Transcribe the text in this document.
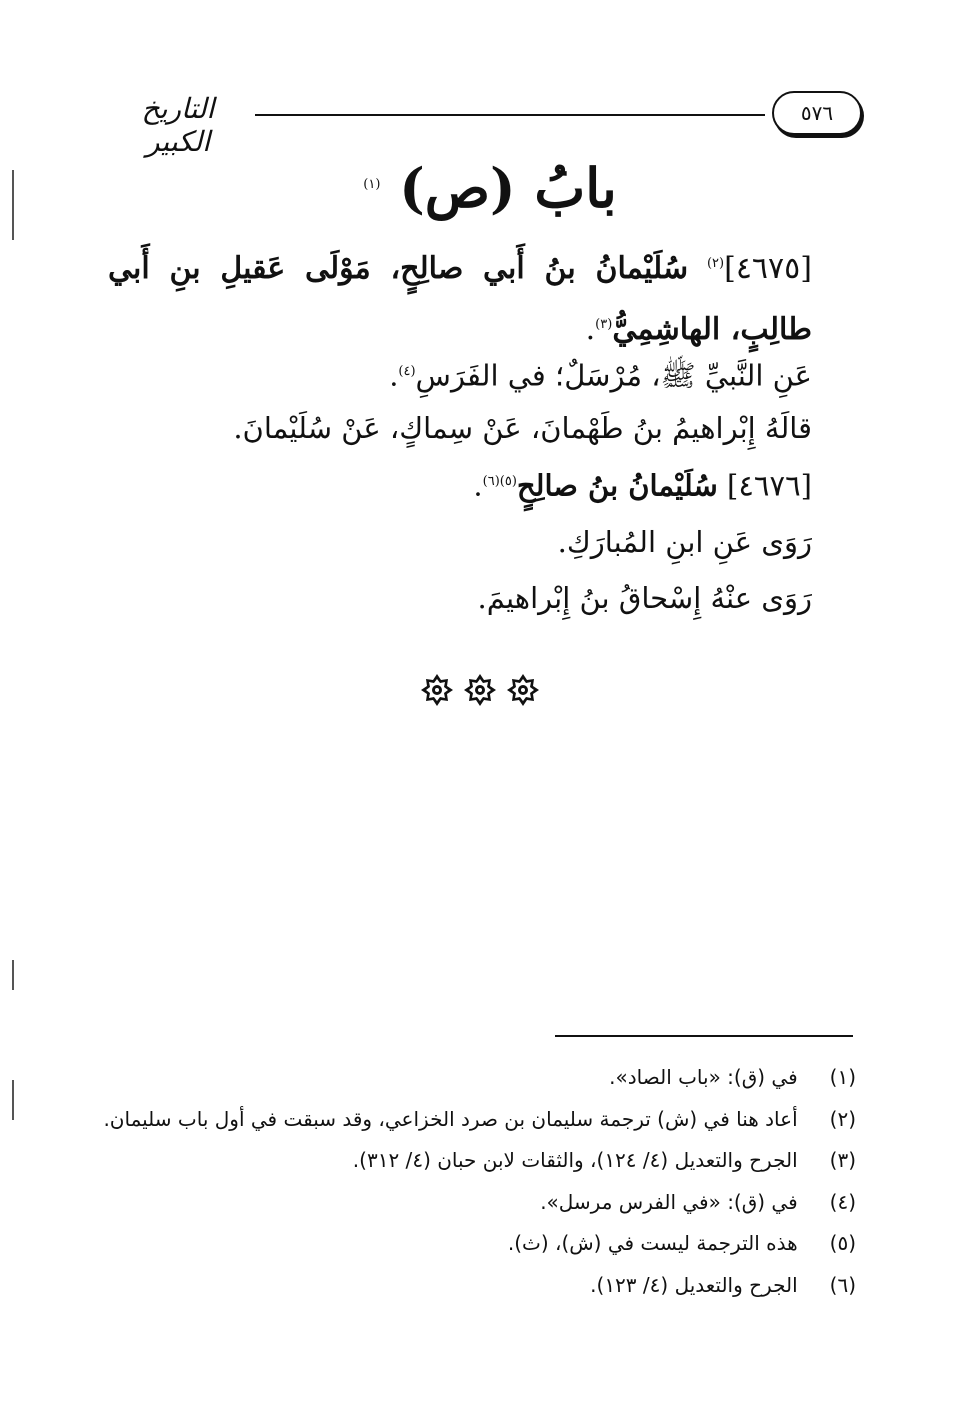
٥٧٦
التاريخ الكبير
بابُ (ص) $^{(١)}$
[٤٦٧٥]$^{(٢)}$ سُلَيْمانُ بنُ أَبي صالِحٍ، مَوْلَى عَقيلِ بنِ أَبي طالِبٍ، الهاشِمِيُّ$^{(٣)}$.
عَنِ النَّبيِّ ﷺ، مُرْسَلٌ؛ في الفَرَسِ$^{(٤)}$.
قالَهُ إِبْراهيمُ بنُ طَهْمانَ، عَنْ سِماكٍ، عَنْ سُلَيْمانَ.
[٤٦٧٦] سُلَيْمانُ بنُ صالِحٍ$^{(٥)(٦)}$.
رَوَى عَنِ ابنِ المُبارَكِ.
رَوَى عنْهُ إِسْحاقُ بنُ إِبْراهيمَ.
(١) في (ق): «باب الصاد».
(٢) أعاد هنا في (ش) ترجمة سليمان بن صرد الخزاعي، وقد سبقت في أول باب سليمان.
(٣) الجرح والتعديل (٤/ ١٢٤)، والثقات لابن حبان (٤/ ٣١٢).
(٤) في (ق): «في الفرس مرسل».
(٥) هذه الترجمة ليست في (ش)، (ث).
(٦) الجرح والتعديل (٤/ ١٢٣).
